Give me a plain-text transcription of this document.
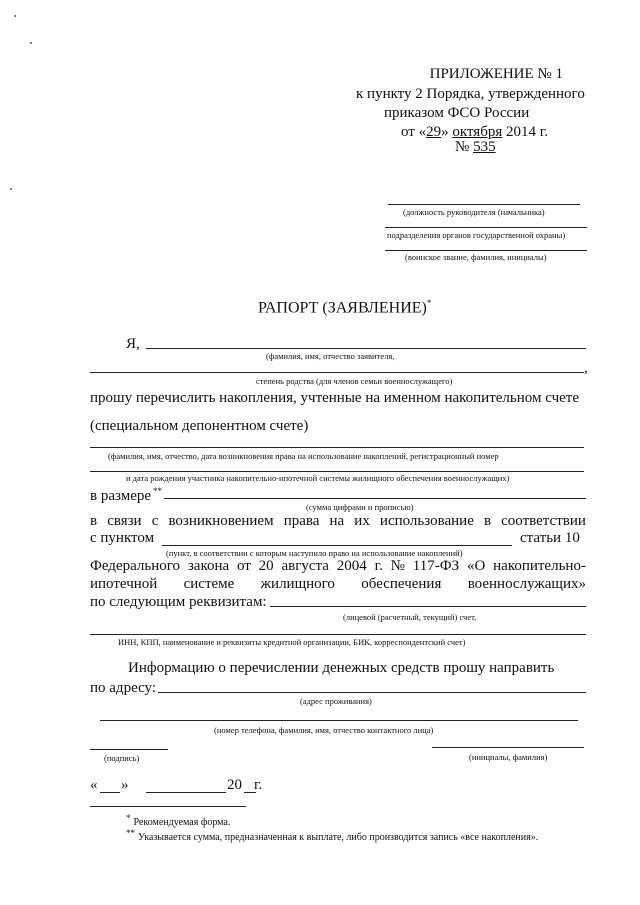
ПРИЛОЖЕНИЕ № 1
к пункту 2 Порядка, утвержденного
приказом ФСО России
от «29» октября 2014 г.
№ 535
(должность руководителя (начальника)
подразделения органов государственной охраны)
(воинское звание, фамилия, инициалы)
РАПОРТ (ЗАЯВЛЕНИЕ)*
Я,
(фамилия, имя, отчество заявителя,
,
степень родства (для членов семьи военнослужащего)
прошу перечислить накопления, учтенные на именном накопительном счете
(специальном депонентном счете)
(фамилия, имя, отчество, дата возникновения права на использование накоплений, регистрационный номер
и дата рождения участника накопительно-ипотечной системы жилищного обеспечения военнослужащих)
в размере **
(сумма цифрами и прописью)
в связи с возникновением права на их использование в соответствии
с пунктом	статьи 10
(пункт, в соответствии с которым наступило право на использование накоплений)
Федерального закона от 20 августа 2004 г. № 117-ФЗ «О накопительно-
ипотечной системе жилищного обеспечения военнослужащих»
по следующим реквизитам:
(лицевой (расчетный, текущий) счет,
ИНН, КПП, наименование и реквизиты кредитной организации, БИК, корреспондентский счет)
Информацию о перечислении денежных средств прошу направить
по адресу:
(адрес проживания)
(номер телефона, фамилия, имя, отчество контактного лица)
(подпись)	(инициалы, фамилия)
« »	20 г.
* Рекомендуемая форма.
** Указывается сумма, предназначенная к выплате, либо производится запись «все накопления».
